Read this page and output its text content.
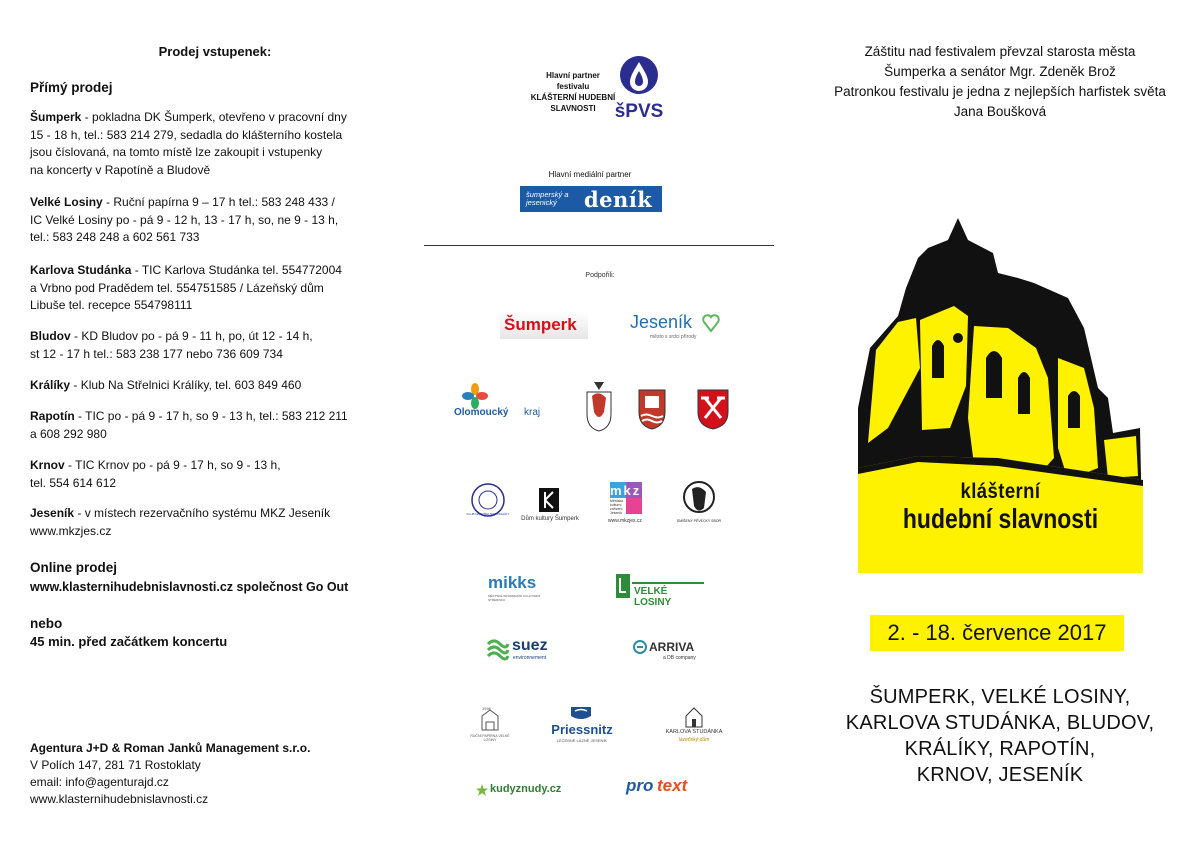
Prodej vstupenek:
Přímý prodej
Šumperk - pokladna DK Šumperk, otevřeno v pracovní dny
15 - 18 h, tel.: 583 214 279, sedadla do klášterního kostela
jsou číslovaná, na tomto místě lze zakoupit i vstupenky
na koncerty v Rapotíně a Bludově
Velké Losiny - Ruční papírna 9 – 17 h tel.: 583 248 433 /
IC Velké Losiny po - pá 9 - 12 h, 13 - 17 h, so, ne 9 - 13 h,
tel.: 583 248 248 a 602 561 733
Karlova Studánka - TIC Karlova Studánka tel. 554772004
a Vrbno pod Pradědem tel. 554751585 / Lázeňský dům
Libuše tel. recepce 554798111
Bludov - KD Bludov po - pá 9 - 11 h, po, út 12 - 14 h,
st 12 - 17 h tel.: 583 238 177 nebo 736 609 734
Králíky - Klub Na Střelnici Králíky, tel. 603 849 460
Rapotín - TIC po - pá 9 - 17 h, so 9 - 13 h, tel.: 583 212 211
a 608 292 980
Krnov - TIC Krnov po - pá 9 - 17 h, so 9 - 13 h,
tel. 554 614 612
Jeseník - v místech rezervačního systému MKZ Jeseník
www.mkzjes.cz
Online prodej
www.klasternihudebnislavnosti.cz společnost Go Out
nebo
45 min. před začátkem koncertu
Agentura J+D & Roman Janků Management s.r.o.
V Polích 147, 281 71 Rostoklaty
email: info@agenturajd.cz
www.klasternihudebnislavnosti.cz
Hlavní partner
festivalu
KLÁŠTERNÍ HUDEBNÍ
SLAVNOSTI	šPVS
Hlavní mediální partner
šumperský a jesenický	deník
Podpořili:
Šumperk	Jeseník
město s srdci přírody
Olomoucký kraj
KLUB NA STŘELNICI KRÁLÍKY
Dům kultury Šumperk
mkz
Městská kulturní zařízení Jeseník
www.mkzjes.cz	SMÍŠENÝ PĚVECKÝ SBOR
mikks
MĚSTSKÉ INFORMAČNÍ A KULTURNÍ STŘEDISKO
VELKÉ LOSINY
suez
environnement
ARRIVA
a DB company
1596
RUČNÍ PAPÍRNA VELKÉ LOSINY
Priessnitz
LÉČEBNÉ LÁZNĚ JESENÍK
KARLOVA STUDÁNKA
lázeňský dům
kudyznudy.cz	pro text
Záštitu nad festivalem převzal starosta města
Šumperka a senátor Mgr. Zdeněk Brož
Patronkou festivalu je jedna z nejlepších harfistek světa
Jana Boušková
klášterní
hudební slavnosti
2. - 18. července 2017
ŠUMPERK, VELKÉ LOSINY,
KARLOVA STUDÁNKA, BLUDOV,
KRÁLÍKY, RAPOTÍN,
KRNOV, JESENÍK
